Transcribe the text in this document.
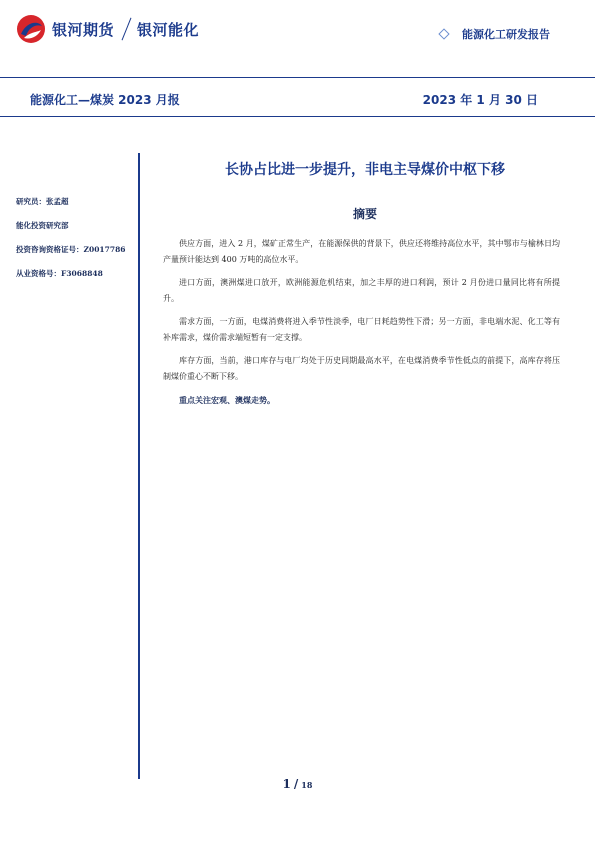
银河期货 银河能化	能源化工研发报告
能源化工—煤炭 2023 月报	2023 年 1 月 30 日
研究员：张孟超
能化投资研究部
投资咨询资格证号：Z0017786
从业资格号：F3068848
长协占比进一步提升，非电主导煤价中枢下移
摘要

供应方面，进入 2 月，煤矿正常生产，在能源保供的背景下，供应还将维持高位水平，其中鄂市与榆林日均产量预计能达到 400 万吨的高位水平。

进口方面，澳洲煤进口放开，欧洲能源危机结束，加之丰厚的进口利润，预计 2 月份进口量同比将有所提升。

需求方面，一方面，电煤消费将进入季节性淡季，电厂日耗趋势性下滑；另一方面，非电端水泥、化工等有补库需求，煤价需求端短暂有一定支撑。

库存方面，当前，港口库存与电厂均处于历史同期最高水平，在电煤消费季节性低点的前提下，高库存将压制煤价重心不断下移。

重点关注宏观、澳煤走势。

1 / 18
